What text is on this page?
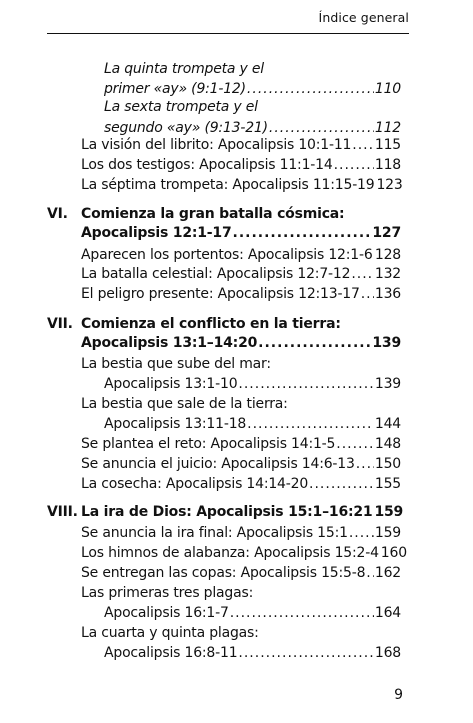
Índice general
La quinta trompeta y el
primer «ay» (9:1-12) .....	110
La sexta trompeta y el
segundo «ay» (9:13-21) .....	112
La visión del librito: Apocalipsis 10:1-11 ..... 115
Los dos testigos: Apocalipsis 11:1-14 .....	118
La séptima trompeta: Apocalipsis 11:15-19 123
VI. Comienza la gran batalla cósmica:
Apocalipsis 12:1-17 .....	127
Aparecen los portentos: Apocalipsis 12:1-6 ..... 128
La batalla celestial: Apocalipsis 12:7-12 ..... 132
El peligro presente: Apocalipsis 12:13-17 ..... 136
VII. Comienza el conflicto en la tierra:
Apocalipsis 13:1–14:20 .....	139
La bestia que sube del mar:
Apocalipsis 13:1-10 .....	139
La bestia que sale de la tierra:
Apocalipsis 13:11-18 .....	144
Se plantea el reto: Apocalipsis 14:1-5 .....	148
Se anuncia el juicio: Apocalipsis 14:6-13 ..... 150
La cosecha: Apocalipsis 14:14-20 .....	155
VIII. La ira de Dios: Apocalipsis 15:1–16:21 159
Se anuncia la ira final: Apocalipsis 15:1 ..... 159
Los himnos de alabanza: Apocalipsis 15:2-4 160
Se entregan las copas: Apocalipsis 15:5-8 ..... 162
Las primeras tres plagas:
Apocalipsis 16:1-7 .....	164
La cuarta y quinta plagas:
Apocalipsis 16:8-11 .....	168
9
